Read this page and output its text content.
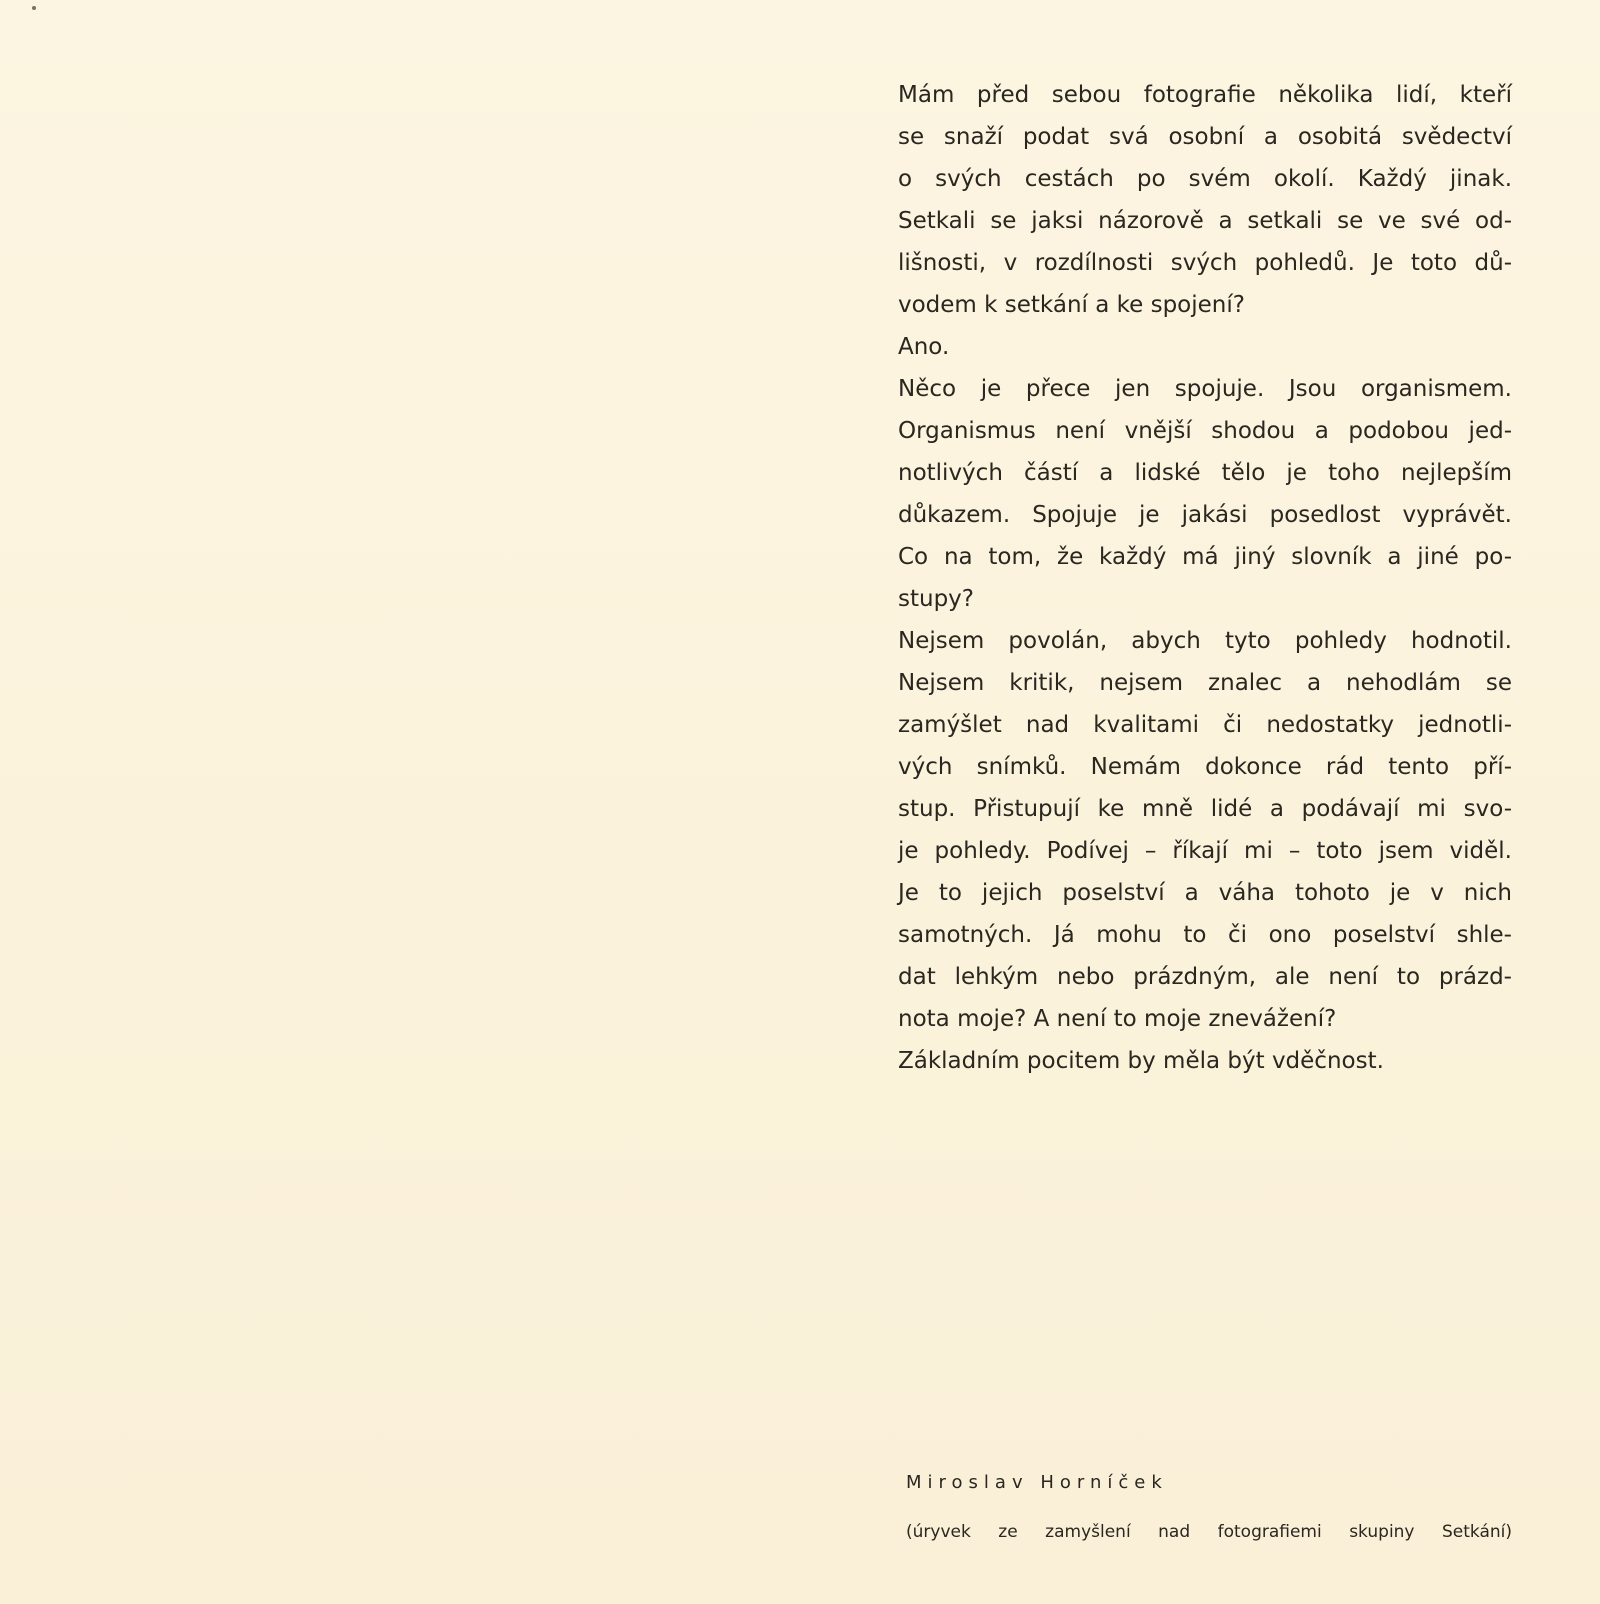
Mám před sebou fotografie několika lidí, kteří
se snaží podat svá osobní a osobitá svědectví
o svých cestách po svém okolí. Každý jinak.
Setkali se jaksi názorově a setkali se ve své od-
lišnosti, v rozdílnosti svých pohledů. Je toto dů-
vodem k setkání a ke spojení?
Ano.
Něco je přece jen spojuje. Jsou organismem.
Organismus není vnější shodou a podobou jed-
notlivých částí a lidské tělo je toho nejlepším
důkazem. Spojuje je jakási posedlost vyprávět.
Co na tom, že každý má jiný slovník a jiné po-
stupy?
Nejsem povolán, abych tyto pohledy hodnotil.
Nejsem kritik, nejsem znalec a nehodlám se
zamýšlet nad kvalitami či nedostatky jednotli-
vých snímků. Nemám dokonce rád tento pří-
stup. Přistupují ke mně lidé a podávají mi svo-
je pohledy. Podívej – říkají mi – toto jsem viděl.
Je to jejich poselství a váha tohoto je v nich
samotných. Já mohu to či ono poselství shle-
dat lehkým nebo prázdným, ale není to prázd-
nota moje? A není to moje znevážení?
Základním pocitem by měla být vděčnost.
Miroslav Horníček
(úryvek ze zamyšlení nad fotografiemi skupiny Setkání)
